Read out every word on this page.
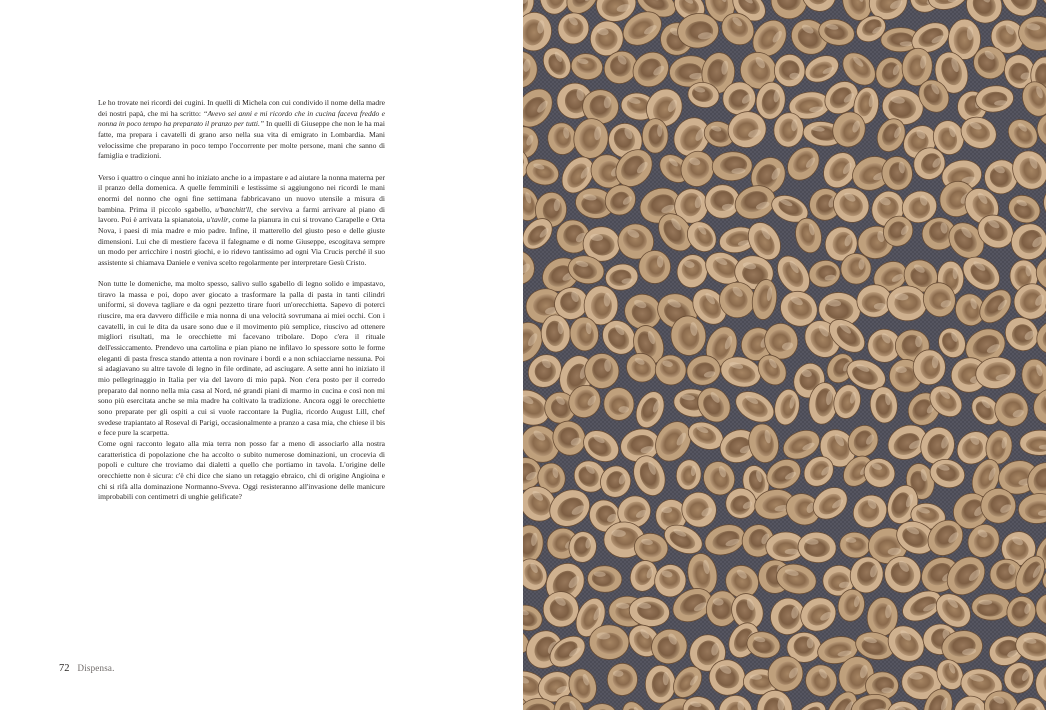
Le ho trovate nei ricordi dei cugini. In quelli di Michela con cui condivido il nome della madre dei nostri papà, che mi ha scritto: “Avevo sei anni e mi ricordo che in cucina faceva freddo e nonna in poco tempo ha preparato il pranzo per tutti.” In quelli di Giuseppe che non le ha mai fatte, ma prepara i cavatelli di grano arso nella sua vita di emigrato in Lombardia. Mani velocissime che preparano in poco tempo l'occorrente per molte persone, mani che sanno di famiglia e tradizioni.

Verso i quattro o cinque anni ho iniziato anche io a impastare e ad aiutare la nonna materna per il pranzo della domenica. A quelle femminili e lestissime si aggiungono nei ricordi le mani enormi del nonno che ogni fine settimana fabbricavano un nuovo utensile a misura di bambina. Prima il piccolo sgabello, u'banchitt'll, che serviva a farmi arrivare al piano di lavoro. Poi è arrivata la spianatoia, u'tavlír, come la pianura in cui si trovano Carapelle e Orta Nova, i paesi di mia madre e mio padre. Infine, il matterello del giusto peso e delle giuste dimensioni. Lui che di mestiere faceva il falegname e di nome Giuseppe, escogitava sempre un modo per arricchire i nostri giochi, e io ridevo tantissimo ad ogni Via Crucis perché il suo assistente si chiamava Daniele e veniva scelto regolarmente per interpretare Gesù Cristo.

Non tutte le domeniche, ma molto spesso, salivo sullo sgabello di legno solido e impastavo, tiravo la massa e poi, dopo aver giocato a trasformare la palla di pasta in tanti cilindri uniformi, si doveva tagliare e da ogni pezzetto tirare fuori un'orecchietta. Sapevo di poterci riuscire, ma era davvero difficile e mia nonna di una velocità sovrumana ai miei occhi. Con i cavatelli, in cui le dita da usare sono due e il movimento più semplice, riuscivo ad ottenere migliori risultati, ma le orecchiette mi facevano tribolare. Dopo c'era il rituale dell'essiccamento. Prendevo una cartolina e pian piano ne infilavo lo spessore sotto le forme eleganti di pasta fresca stando attenta a non rovinare i bordi e a non schiacciarne nessuna. Poi si adagiavano su altre tavole di legno in file ordinate, ad asciugare. A sette anni ho iniziato il mio pellegrinaggio in Italia per via del lavoro di mio papà. Non c'era posto per il corredo preparato dal nonno nella mia casa al Nord, né grandi piani di marmo in cucina e così non mi sono più esercitata anche se mia madre ha coltivato la tradizione. Ancora oggi le orecchiette sono preparate per gli ospiti a cui si vuole raccontare la Puglia, ricordo August Lill, chef svedese trapiantato al Roseval di Parigi, occasionalmente a pranzo a casa mia, che chiese il bis e fece pure la scarpetta.

Come ogni racconto legato alla mia terra non posso far a meno di associarlo alla nostra caratteristica di popolazione che ha accolto o subito numerose dominazioni, un crocevia di popoli e culture che troviamo dai dialetti a quello che portiamo in tavola. L'origine delle orecchiette non è sicura: c'è chi dice che siano un retaggio ebraico, chi di origine Angioina e chi si rifà alla dominazione Normanno-Sveva. Oggi resisteranno all'invasione delle manicure improbabili con centimetri di unghie gelificate?

72 Dispensa.
